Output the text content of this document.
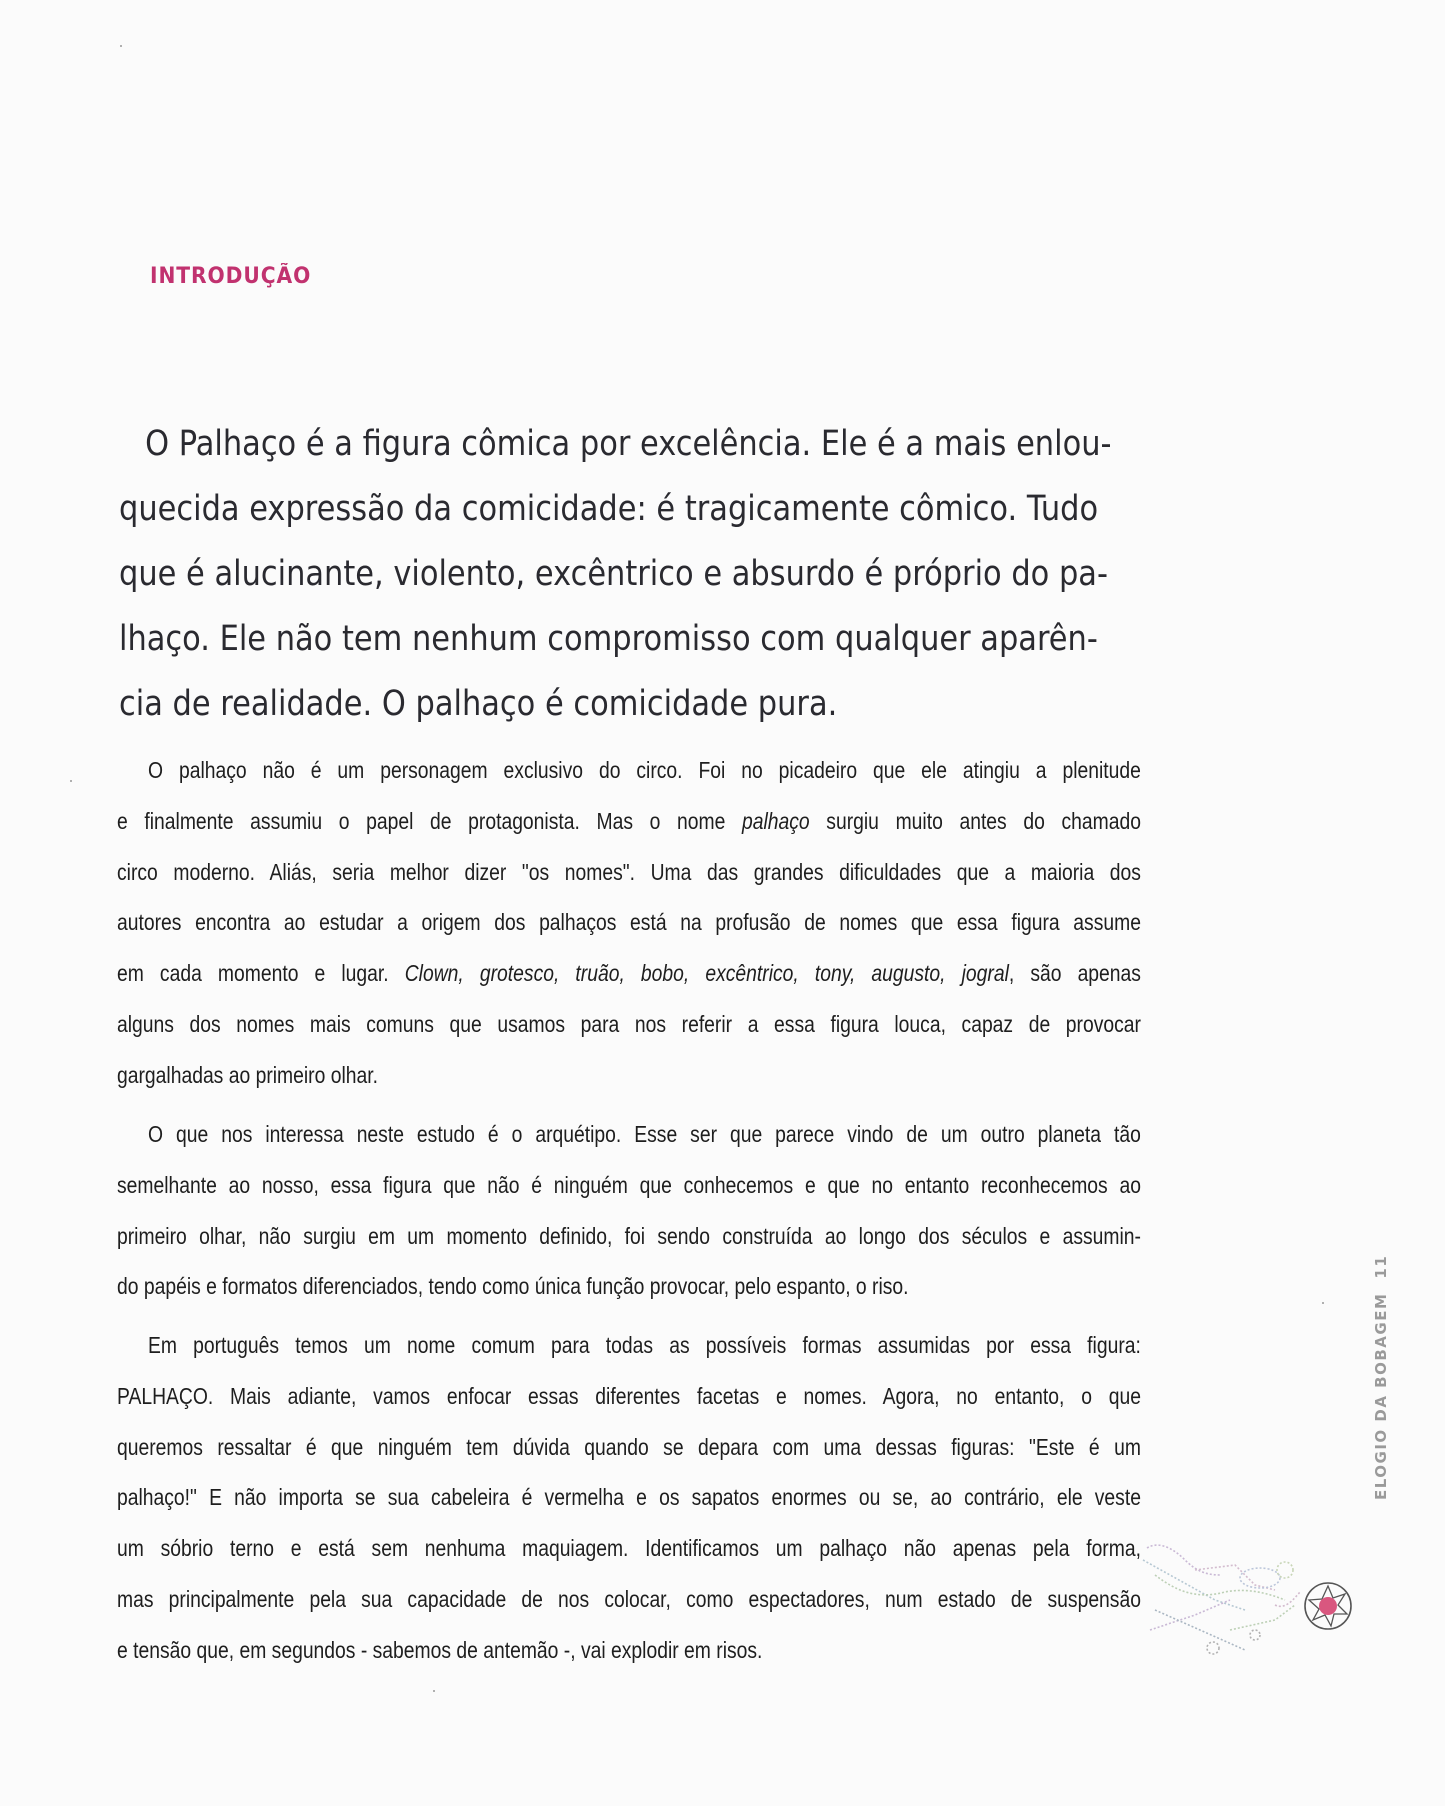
INTRODUÇÃO

O Palhaço é a figura cômica por excelência. Ele é a mais enlou-
quecida expressão da comicidade: é tragicamente cômico. Tudo
que é alucinante, violento, excêntrico e absurdo é próprio do pa-
lhaço. Ele não tem nenhum compromisso com qualquer aparên-
cia de realidade. O palhaço é comicidade pura.

O palhaço não é um personagem exclusivo do circo. Foi no picadeiro que ele atingiu a plenitude
e finalmente assumiu o papel de protagonista. Mas o nome palhaço surgiu muito antes do chamado
circo moderno. Aliás, seria melhor dizer "os nomes". Uma das grandes dificuldades que a maioria dos
autores encontra ao estudar a origem dos palhaços está na profusão de nomes que essa figura assume
em cada momento e lugar. Clown, grotesco, truão, bobo, excêntrico, tony, augusto, jogral, são apenas
alguns dos nomes mais comuns que usamos para nos referir a essa figura louca, capaz de provocar
gargalhadas ao primeiro olhar.

O que nos interessa neste estudo é o arquétipo. Esse ser que parece vindo de um outro planeta tão
semelhante ao nosso, essa figura que não é ninguém que conhecemos e que no entanto reconhecemos ao
primeiro olhar, não surgiu em um momento definido, foi sendo construída ao longo dos séculos e assumin-
do papéis e formatos diferenciados, tendo como única função provocar, pelo espanto, o riso.

Em português temos um nome comum para todas as possíveis formas assumidas por essa figura:
PALHAÇO. Mais adiante, vamos enfocar essas diferentes facetas e nomes. Agora, no entanto, o que
queremos ressaltar é que ninguém tem dúvida quando se depara com uma dessas figuras: "Este é um
palhaço!" E não importa se sua cabeleira é vermelha e os sapatos enormes ou se, ao contrário, ele veste
um sóbrio terno e está sem nenhuma maquiagem. Identificamos um palhaço não apenas pela forma,
mas principalmente pela sua capacidade de nos colocar, como espectadores, num estado de suspensão
e tensão que, em segundos - sabemos de antemão -, vai explodir em risos.

ELOGIO DA BOBAGEM11
